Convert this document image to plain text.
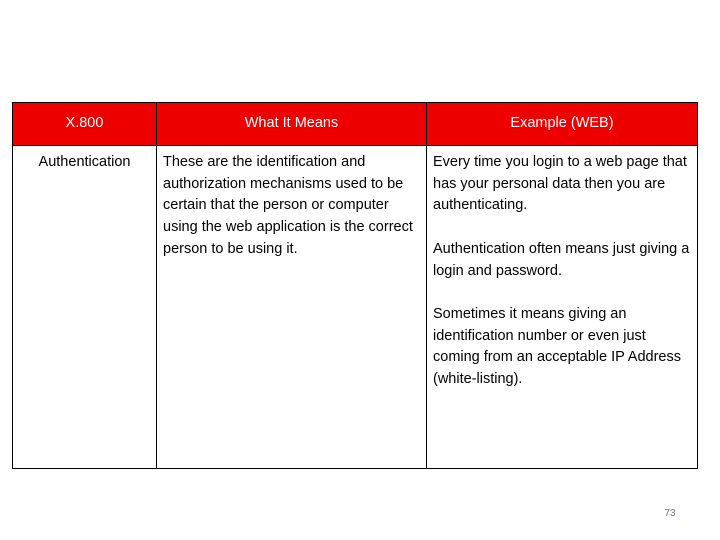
X.800	What It Means	Example (WEB)
Authentication	These are the identification and authorization mechanisms used to be certain that the person or computer using the web application is the correct person to be using it.	Every time you login to a web page that has your personal data then you are authenticating.

Authentication often means just giving a login and password.

Sometimes it means giving an identification number or even just coming from an acceptable IP Address (white-listing).

73
